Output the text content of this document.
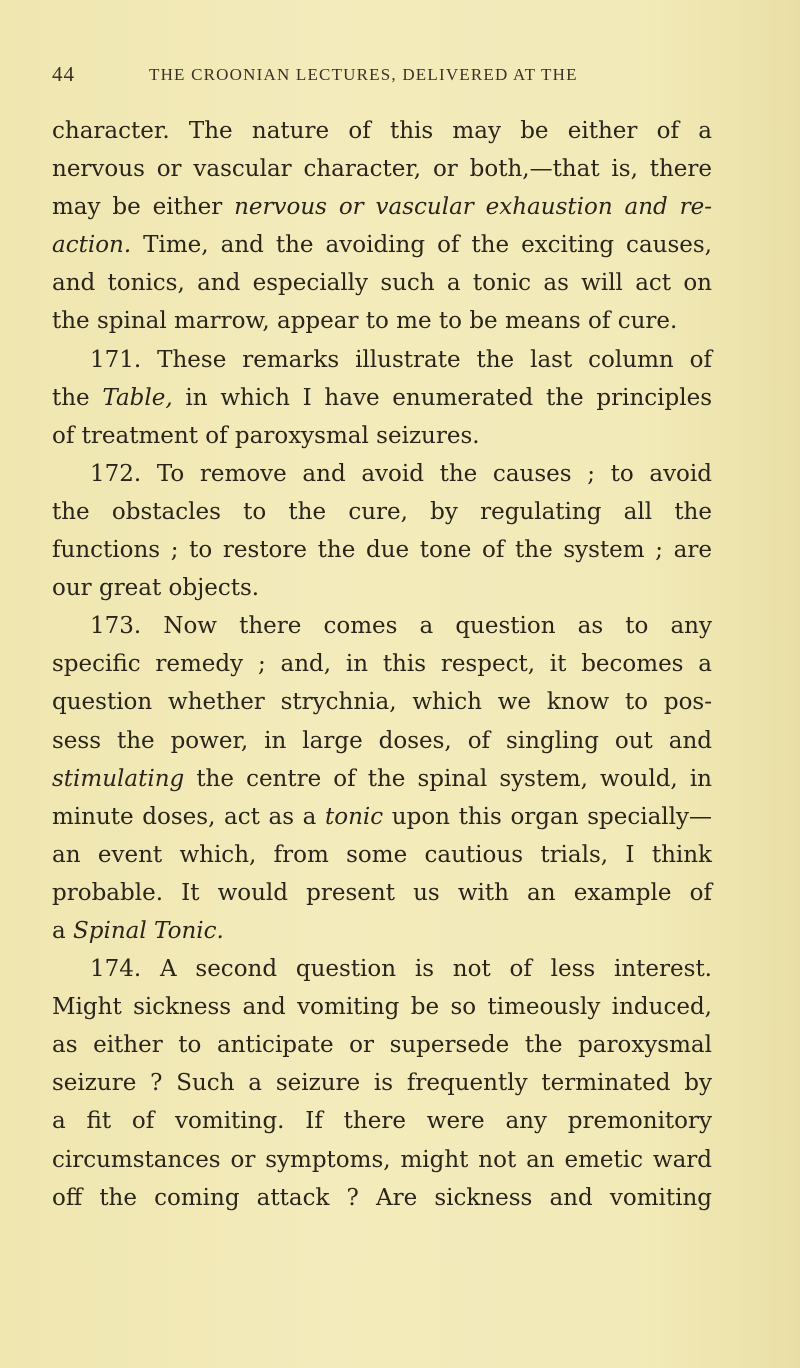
44	THE CROONIAN LECTURES, DELIVERED AT THE
character. The nature of this may be either of a
nervous or vascular character, or both,—that is, there
may be either nervous or vascular exhaustion and re-
action. Time, and the avoiding of the exciting causes,
and tonics, and especially such a tonic as will act on
the spinal marrow, appear to me to be means of cure.
171. These remarks illustrate the last column of
the Table, in which I have enumerated the principles
of treatment of paroxysmal seizures.
172. To remove and avoid the causes ; to avoid
the obstacles to the cure, by regulating all the
functions ; to restore the due tone of the system ; are
our great objects.
173. Now there comes a question as to any
specific remedy ; and, in this respect, it becomes a
question whether strychnia, which we know to pos-
sess the power, in large doses, of singling out and
stimulating the centre of the spinal system, would, in
minute doses, act as a tonic upon this organ specially—
an event which, from some cautious trials, I think
probable. It would present us with an example of
a Spinal Tonic.
174. A second question is not of less interest.
Might sickness and vomiting be so timeously induced,
as either to anticipate or supersede the paroxysmal
seizure ? Such a seizure is frequently terminated by
a fit of vomiting. If there were any premonitory
circumstances or symptoms, might not an emetic ward
off the coming attack ? Are sickness and vomiting
